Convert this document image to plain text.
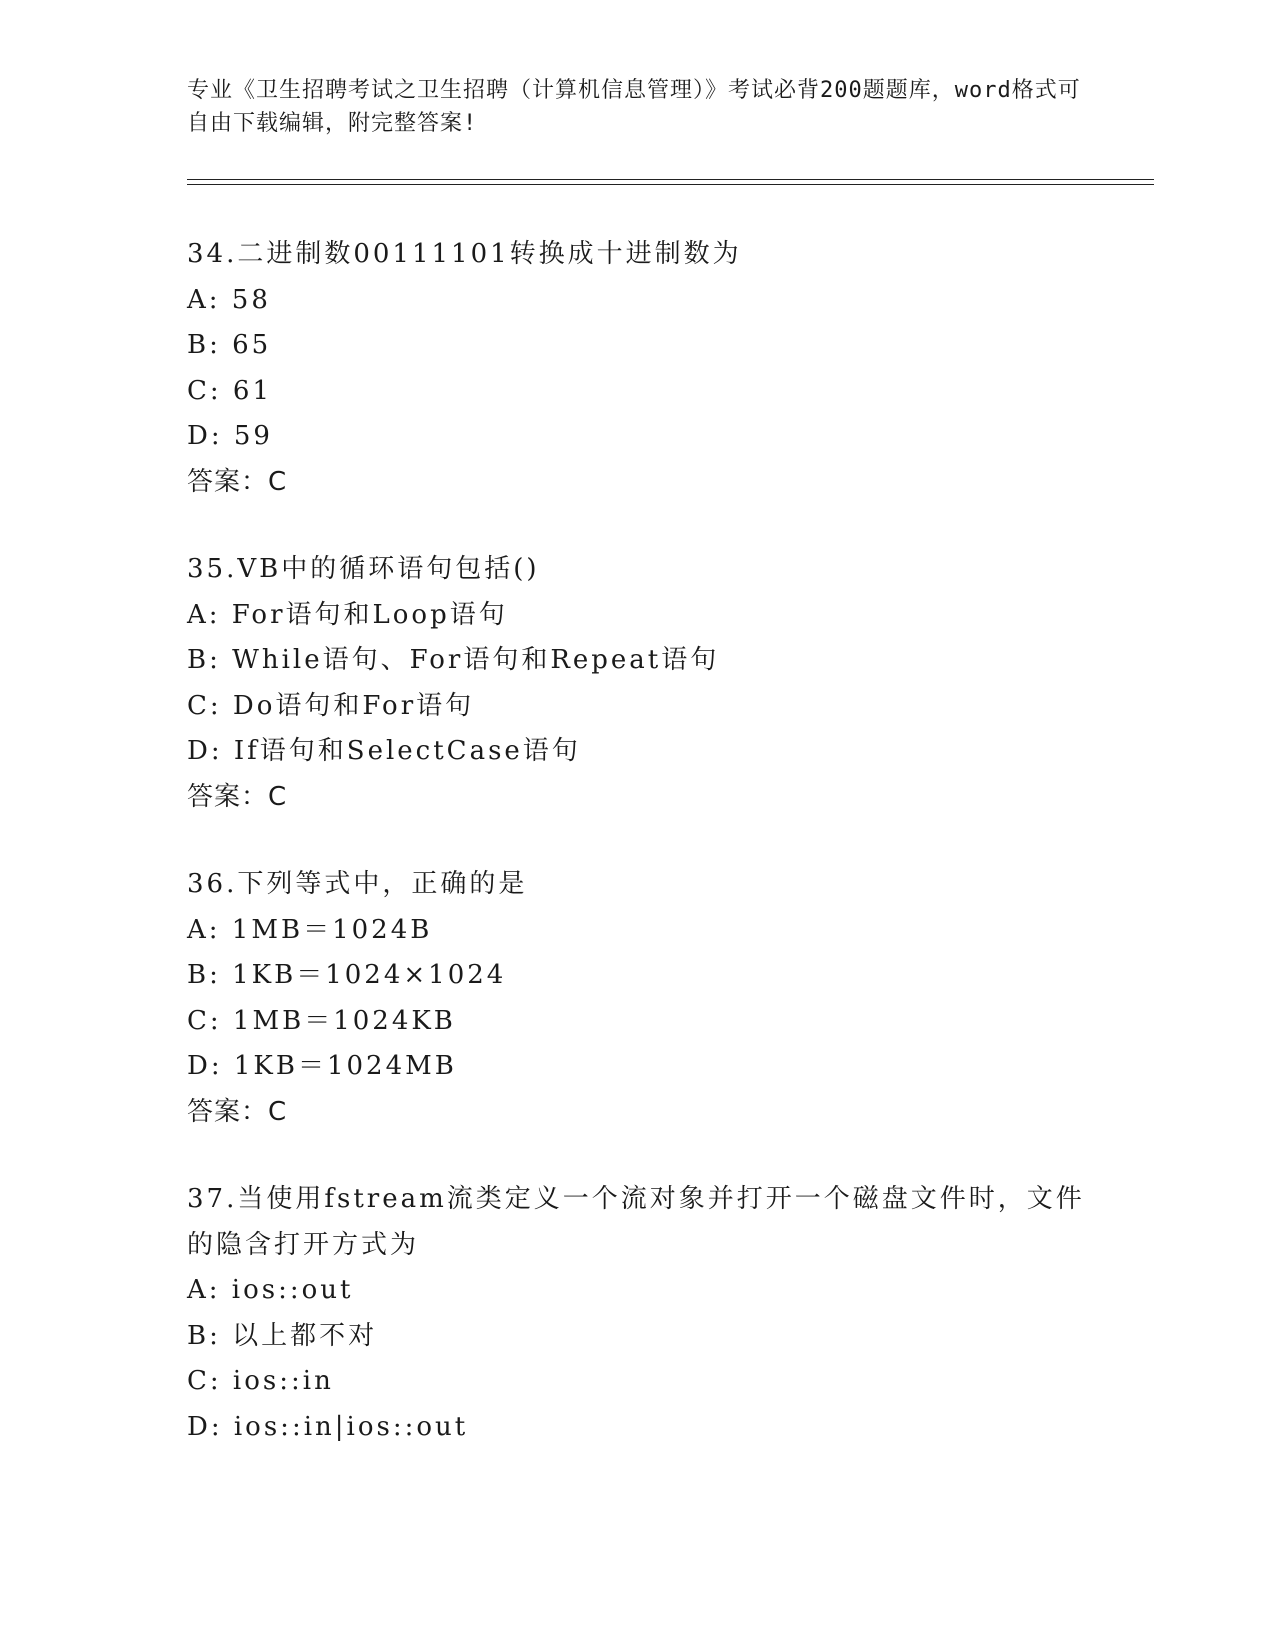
专业《卫生招聘考试之卫生招聘（计算机信息管理）》考试必背200题题库，word格式可自由下载编辑，附完整答案!
34.二进制数00111101转换成十进制数为
A: 58
B: 65
C: 61
D: 59
答案：C
35.VB中的循环语句包括()
A: For语句和Loop语句
B: While语句、For语句和Repeat语句
C: Do语句和For语句
D: If语句和SelectCase语句
答案：C
36.下列等式中，正确的是
A: 1MB＝1024B
B: 1KB＝1024×1024
C: 1MB＝1024KB
D: 1KB＝1024MB
答案：C
37.当使用fstream流类定义一个流对象并打开一个磁盘文件时，文件的隐含打开方式为
A: ios::out
B: 以上都不对
C: ios::in
D: ios::in|ios::out
